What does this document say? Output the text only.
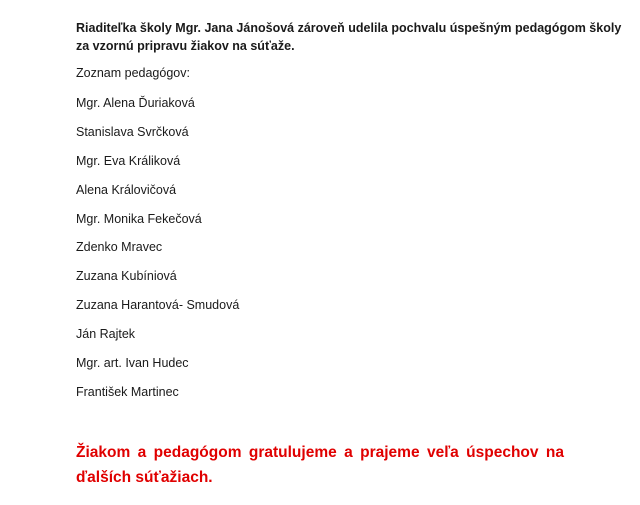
Riaditeľka školy Mgr. Jana Jánošová zároveň udelila pochvalu úspešným pedagógom školy
za vzornú pripravu žiakov na súťaže.

Zoznam pedagógov:

Mgr. Alena Ďuriaková
Stanislava Svrčková
Mgr. Eva Králiková
Alena Královičová
Mgr. Monika Fekečová
Zdenko Mravec
Zuzana Kubíniová
Zuzana Harantová- Smudová
Ján Rajtek
Mgr. art. Ivan Hudec
František Martinec

Žiakom a pedagógom gratulujeme a prajeme veľa úspechov na
ďalších súťažiach.
